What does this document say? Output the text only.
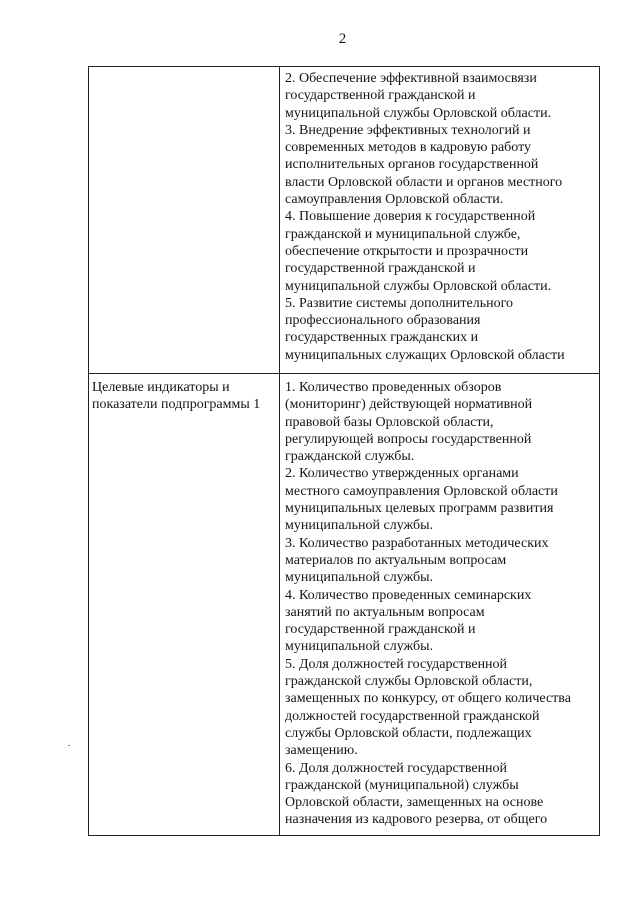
2
2. Обеспечение эффективной взаимосвязи
государственной гражданской и
муниципальной службы Орловской области.
3. Внедрение эффективных технологий и
современных методов в кадровую работу
исполнительных органов государственной
власти Орловской области и органов местного
самоуправления Орловской области.
4. Повышение доверия к государственной
гражданской и муниципальной службе,
обеспечение открытости и прозрачности
государственной гражданской и
муниципальной службы Орловской области.
5. Развитие системы дополнительного
профессионального образования
государственных гражданских и
муниципальных служащих Орловской области
Целевые индикаторы и
показатели подпрограммы 1
1. Количество проведенных обзоров
(мониторинг) действующей нормативной
правовой базы Орловской области,
регулирующей вопросы государственной
гражданской службы.
2. Количество утвержденных органами
местного самоуправления Орловской области
муниципальных целевых программ развития
муниципальной службы.
3. Количество разработанных методических
материалов по актуальным вопросам
муниципальной службы.
4. Количество проведенных семинарских
занятий по актуальным вопросам
государственной гражданской и
муниципальной службы.
5. Доля должностей государственной
гражданской службы Орловской области,
замещенных по конкурсу, от общего количества
должностей государственной гражданской
службы Орловской области, подлежащих
замещению.
6. Доля должностей государственной
гражданской (муниципальной) службы
Орловской области, замещенных на основе
назначения из кадрового резерва, от общего
